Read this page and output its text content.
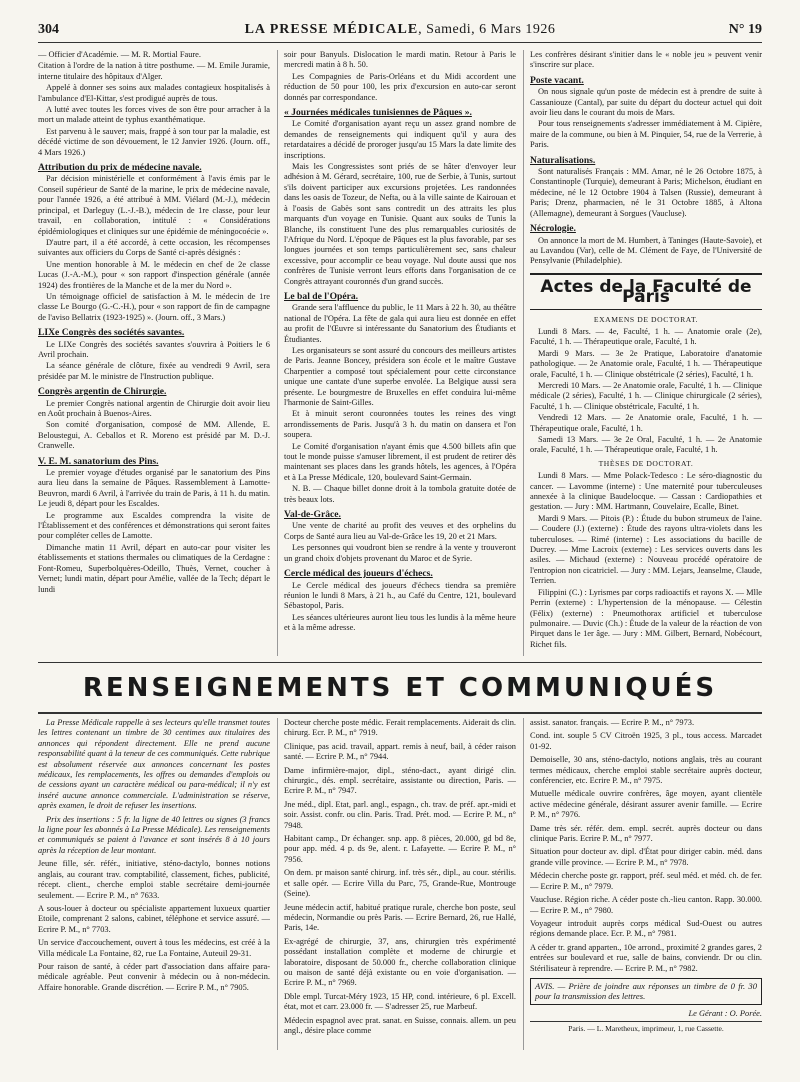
304	LA PRESSE MÉDICALE, Samedi, 6 Mars 1926	N° 19

— Officier d'Académie. — M. R. Mortial Faure.

Citation à l'ordre de la nation à titre posthume. — M. Emile Juramie, interne titulaire des hôpitaux d'Alger.

Appelé à donner ses soins aux malades contagieux hospitalisés à l'ambulance d'El-Kittar, s'est prodigué auprès de tous.

A lutté avec toutes les forces vives de son être pour arracher à la mort un malade atteint de typhus exanthématique.

Est parvenu à le sauver; mais, frappé à son tour par la maladie, est décédé victime de son dévouement, le 12 Janvier 1926. (Journ. off., 4 Mars 1926.)

Attribution du prix de médecine navale.

Par décision ministérielle et conformément à l'avis émis par le Conseil supérieur de Santé de la marine, le prix de médecine navale, pour l'année 1926, a été attribué à MM. Viélard (M.-J.), médecin principal, et Darleguy (L.-J.-B.), médecin de 1re classe, pour leur travail, en collaboration, intitulé : « Considérations épidémiologiques et cliniques sur une épidémie de méningocoécie ».

D'autre part, il a été accordé, à cette occasion, les récompenses suivantes aux officiers du Corps de Santé ci-après désignés :

Une mention honorable à M. le médecin en chef de 2e classe Lucas (J.-A.-M.), pour « son rapport d'inspection générale (année 1924) des frontières de la Manche et de la mer du Nord ».

Un témoignage officiel de satisfaction à M. le médecin de 1re classe Le Bourgo (G.-C.-H.), pour « son rapport de fin de campagne de l'aviso Bellatrix (1923-1925) ». (Journ. off., 3 Mars.)

LIXe Congrès des sociétés savantes.

Le LIXe Congrès des sociétés savantes s'ouvrira à Poitiers le 6 Avril prochain.

La séance générale de clôture, fixée au vendredi 9 Avril, sera présidée par M. le ministre de l'Instruction publique.

Congrès argentin de Chirurgie.

Le premier Congrès national argentin de Chirurgie doit avoir lieu en Août prochain à Buenos-Aires.

Son comité d'organisation, composé de MM. Allende, E. Beloustegui, A. Ceballos et R. Moreno est présidé par M. D.-J. Cranwelle.

V. E. M. sanatorium des Pins.

Le premier voyage d'études organisé par le sanatorium des Pins aura lieu dans la semaine de Pâques. Rassemblement à Lamotte-Beuvron, mardi 6 Avril, à l'arrivée du train de Paris, à 11 h. du matin. Le jeudi 8, départ pour les Escaldes.

Le programme aux Escaldes comprendra la visite de l'Établissement et des conférences et démonstrations qui seront faites pour compléter celles de Lamotte.

Dimanche matin 11 Avril, départ en auto-car pour visiter les établissements et stations thermales ou climatiques de la Cerdagne : Font-Romeu, Superbolquères-Odeillo, Thuès, Vernet, coucher à Vernet; lundi matin, départ pour Amélie, vallée de la Tech; départ le lundi

soir pour Banyuls. Dislocation le mardi matin. Retour à Paris le mercredi matin à 8 h. 50.

Les Compagnies de Paris-Orléans et du Midi accordent une réduction de 50 pour 100, les prix d'excursion en auto-car seront donnés par correspondance.

« Journées médicales tunisiennes de Pâques ».

Le Comité d'organisation ayant reçu un assez grand nombre de demandes de renseignements qui indiquent qu'il y aura des retardataires a décidé de proroger jusqu'au 15 Mars la date limite des inscriptions.

Mais les Congressistes sont priés de se hâter d'envoyer leur adhésion à M. Gérard, secrétaire, 100, rue de Serbie, à Tunis, surtout s'ils doivent participer aux excursions projetées. Les randonnées dans les oasis de Tozeur, de Nefta, ou à la ville sainte de Kairouan et à l'oasis de Gabès sont sans contredit un des attraits les plus marquants d'un voyage en Tunisie. Quant aux souks de Tunis la Blanche, ils constituent l'une des plus remarquables curiosités de l'Afrique du Nord. L'époque de Pâques est la plus favorable, par ses longues journées et son temps particulièrement sec, sans chaleur excessive, pour accomplir ce beau voyage. Nul doute aussi que nos confrères de Tunisie verront leurs efforts dans l'organisation de ce Congrès attrayant couronnés d'un grand succès.

Le bal de l'Opéra.

Grande sera l'affluence du public, le 11 Mars à 22 h. 30, au théâtre national de l'Opéra. La fête de gala qui aura lieu est donnée en effet au profit de l'Œuvre si intéressante du Sanatorium des Étudiants et Étudiantes.

Les organisateurs se sont assuré du concours des meilleurs artistes de Paris. Jeanne Boncey, présidera son école et le maître Gustave Charpentier a composé tout spécialement pour cette circonstance unique une cantate d'une superbe envolée. La Belgique aussi sera présente. Le bourgmestre de Bruxelles en effet conduira lui-même l'harmonie de Saint-Gilles.

Et à minuit seront couronnées toutes les reines des vingt arrondissements de Paris. Jusqu'à 3 h. du matin on dansera et l'on soupera.

Le Comité d'organisation n'ayant émis que 4.500 billets afin que tout le monde puisse s'amuser librement, il est prudent de retirer dès maintenant ses places dans les grands hôtels, les agences, à l'Opéra et à La Presse Médicale, 120, boulevard Saint-Germain.

N. B. — Chaque billet donne droit à la tombola gratuite dotée de très beaux lots.

Val-de-Grâce.

Une vente de charité au profit des veuves et des orphelins du Corps de Santé aura lieu au Val-de-Grâce les 19, 20 et 21 Mars.

Les personnes qui voudront bien se rendre à la vente y trouveront un grand choix d'objets provenant du Maroc et de Syrie.

Cercle médical des joueurs d'échecs.

Le Cercle médical des joueurs d'échecs tiendra sa première réunion le lundi 8 Mars, à 21 h., au Café du Centre, 121, boulevard Sébastopol, Paris.

Les séances ultérieures auront lieu tous les lundis à la même heure et à la même adresse.

Les confrères désirant s'initier dans le « noble jeu » peuvent venir s'inscrire sur place.

Poste vacant.

On nous signale qu'un poste de médecin est à prendre de suite à Cassaniouze (Cantal), par suite du départ du docteur actuel qui doit avoir lieu dans le courant du mois de Mars.

Pour tous renseignements s'adresser immédiatement à M. Cipière, maire de la commune, ou bien à M. Pinquier, 54, rue de la Verrerie, à Paris.

Naturalisations.

Sont naturalisés Français : MM. Amar, né le 26 Octobre 1875, à Constantinople (Turquie), demeurant à Paris; Michelson, étudiant en médecine, né le 12 Octobre 1904 à Talsen (Russie), demeurant à Paris; Drenz, pharmacien, né le 31 Octobre 1885, à Altona (Allemagne), demeurant à Sorgues (Vaucluse).

Nécrologie.

On annonce la mort de M. Humbert, à Taninges (Haute-Savoie), et au Lavandou (Var), celle de M. Clément de Faye, de l'Université de Pensylvanie (Philadelphie).

Actes de la Faculté de Paris
EXAMENS DE DOCTORAT.

Lundi 8 Mars. — 4e, Faculté, 1 h. — Anatomie orale (2e), Faculté, 1 h. — Thérapeutique orale, Faculté, 1 h.

Mardi 9 Mars. — 3e 2e Pratique, Laboratoire d'anatomie pathologique. — 2e Anatomie orale, Faculté, 1 h. — Thérapeutique orale, Faculté, 1 h. — Clinique obstétricale (2 séries), Faculté, 1 h.

Mercredi 10 Mars. — 2e Anatomie orale, Faculté, 1 h. — Clinique médicale (2 séries), Faculté, 1 h. — Clinique chirurgicale (2 séries), Faculté, 1 h. — Clinique obstétricale, Faculté, 1 h.

Vendredi 12 Mars. — 2e Anatomie orale, Faculté, 1 h. — Thérapeutique orale, Faculté, 1 h.

Samedi 13 Mars. — 3e 2e Oral, Faculté, 1 h. — 2e Anatomie orale, Faculté, 1 h. — Thérapeutique orale, Faculté, 1 h.

THÈSES DE DOCTORAT.

Lundi 8 Mars. — Mme Polack-Tedesco : Le séro-diagnostic du cancer. — Lavomme (interne) : Une maternité pour tuberculeuses annexée à la clinique Baudelocque. — Cassan : Cardiopathies et gestation. — Jury : MM. Hartmann, Couvelaire, Ecalle, Binet.

Mardi 9 Mars. — Pitois (P.) : Étude du bubon strumeux de l'aine. — Coudere (J.) (externe) : Étude des rayons ultra-violets dans les tuberculoses. — Rimé (interne) : Les associations du bacille de Ducrey. — Mme Lacroix (externe) : Les services ouverts dans les asiles. — Michaud (externe) : Nouveau procédé opératoire de l'entropion non cicatriciel. — Jury : MM. Lejars, Jeanselme, Claude, Terrien.

Filippini (C.) : Lyrismes par corps radioactifs et rayons X. — Mlle Perrin (externe) : L'hypertension de la ménopause. — Célestin (Félix) (externe) : Pneumothorax artificiel et tuberculose pulmonaire. — Duvic (Ch.) : Étude de la valeur de la réaction de von Pirquet dans le 1er âge. — Jury : MM. Gilbert, Bernard, Nobécourt, Richet fils.

RENSEIGNEMENTS ET COMMUNIQUÉS

La Presse Médicale rappelle à ses lecteurs qu'elle transmet toutes les lettres contenant un timbre de 30 centimes aux titulaires des annonces qui répondent directement. Elle ne prend aucune responsabilité quant à la teneur de ces communiqués. Cette rubrique est absolument réservée aux annonces concernant les postes médicaux, les remplacements, les offres ou demandes d'emplois ou de cessions ayant un caractère médical ou para-médical; il n'y est inséré aucune annonce commerciale. L'administration se réserve, après examen, le droit de refuser les insertions.

Prix des insertions : 5 fr. la ligne de 40 lettres ou signes (3 francs la ligne pour les abonnés à La Presse Médicale). Les renseignements et communiqués se paient à l'avance et sont insérés 8 à 10 jours après la réception de leur montant.

Jeune fille, sér. référ., initiative, sténo-dactylo, bonnes notions anglais, au courant trav. comptabilité, classement, fiches, publicité, récept. client., cherche emploi stable secrétaire demi-journée seulement. — Ecrire P. M., n° 7633.

A sous-louer à docteur ou spécialiste appartement luxueux quartier Etoile, comprenant 2 salons, cabinet, téléphone et service assuré. — Ecrire P. M., n° 7703.

Un service d'accouchement, ouvert à tous les médecins, est créé à la Villa médicale La Fontaine, 82, rue La Fontaine, Auteuil 29-31.

Pour raison de santé, à céder part d'association dans affaire para-médicale agréable. Peut convenir à médecin ou à non-médecin. Affaire honorable. Grande discrétion. — Ecrire P. M., n° 7905.

Docteur cherche poste médic. Ferait remplacements. Aiderait ds clin. chirurg. Ecr. P. M., n° 7919.

Clinique, pas acid. travail, appart. remis à neuf, bail, à céder raison santé. — Ecrire P. M., n° 7944.

Dame infirmière-major, dipl., sténo-dact., ayant dirigé clin. chirurgic., dés. empl. secrétaire, assistante ou direction, Paris. — Ecrire P. M., n° 7947.

Jne méd., dipl. Etat, parl. angl., espagn., ch. trav. de préf. apr.-midi et soir. Assist. confr. ou clin. Paris. Trad. Prét. mod. — Ecrire P. M., n° 7948.

Habitant camp., Dr échanger. snp. app. 8 pièces, 20.000, gd bd 8e, pour app. méd. 4 p. ds 9e, alent. r. Lafayette. — Ecrire P. M., n° 7956.

On dem. pr maison santé chirurg. inf. très sér., dipl., au cour. stérilis. et salle opér. — Ecrire Villa du Parc, 75, Grande-Rue, Montrouge (Seine).

Jeune médecin actif, habitué pratique rurale, cherche bon poste, seul médecin, Normandie ou près Paris. — Ecrire Bernard, 26, rue Hallé, Paris, 14e.

Ex-agrégé de chirurgie, 37, ans, chirurgien très expérimenté possédant installation complète et moderne de chirurgie et laboratoire, disposant de 50.000 fr., cherche collaboration clinique ou maison de santé déjà existante ou en voie d'organisation. — Ecrire P. M., n° 7969.

Dble empl. Turcat-Méry 1923, 15 HP, cond. intérieure, 6 pl. Excell. état, mot et carr. 23.000 fr. — S'adresser 25, rue Marbeuf.

Médecin espagnol avec prat. sanat. en Suisse, connais. allem. un peu angl., désire place comme

assist. sanator. français. — Ecrire P. M., n° 7973.

Cond. int. souple 5 CV Citroën 1925, 3 pl., tous access. Marcadet 01-92.

Demoiselle, 30 ans, sténo-dactylo, notions anglais, très au courant termes médicaux, cherche emploi stable secrétaire auprès docteur, conférencier, etc. Ecrire P. M., n° 7975.

Mutuelle médicale ouvrire confrères, âge moyen, ayant clientèle active médecine générale, désirant assurer avenir famille. — Ecrire P. M., n° 7976.

Dame très sér. référ. dem. empl. secrét. auprès docteur ou dans clinique Paris. Ecrire P. M., n° 7977.

Situation pour docteur av. dipl. d'État pour diriger cabin. méd. dans grande ville province. — Ecrire P. M., n° 7978.

Médecin cherche poste gr. rapport, préf. seul méd. et méd. ch. de fer. — Ecrire P. M., n° 7979.

Vaucluse. Région riche. A céder poste ch.-lieu canton. Rapp. 30.000. — Ecrire P. M., n° 7980.

Voyageur introduit auprès corps médical Sud-Ouest ou autres régions demande place. Ecr. P. M., n° 7981.

A céder tr. grand apparten., 10e arrond., proximité 2 grandes gares, 2 entrées sur boulevard et rue, salle de bains, conviendr. Dr ou clin. Stérilisateur à reprendre. — Ecrire P. M., n° 7982.

AVIS. — Prière de joindre aux réponses un timbre de 0 fr. 30 pour la transmission des lettres.
Le Gérant : O. Porée.
Paris. — L. Maretheux, imprimeur, 1, rue Cassette.
